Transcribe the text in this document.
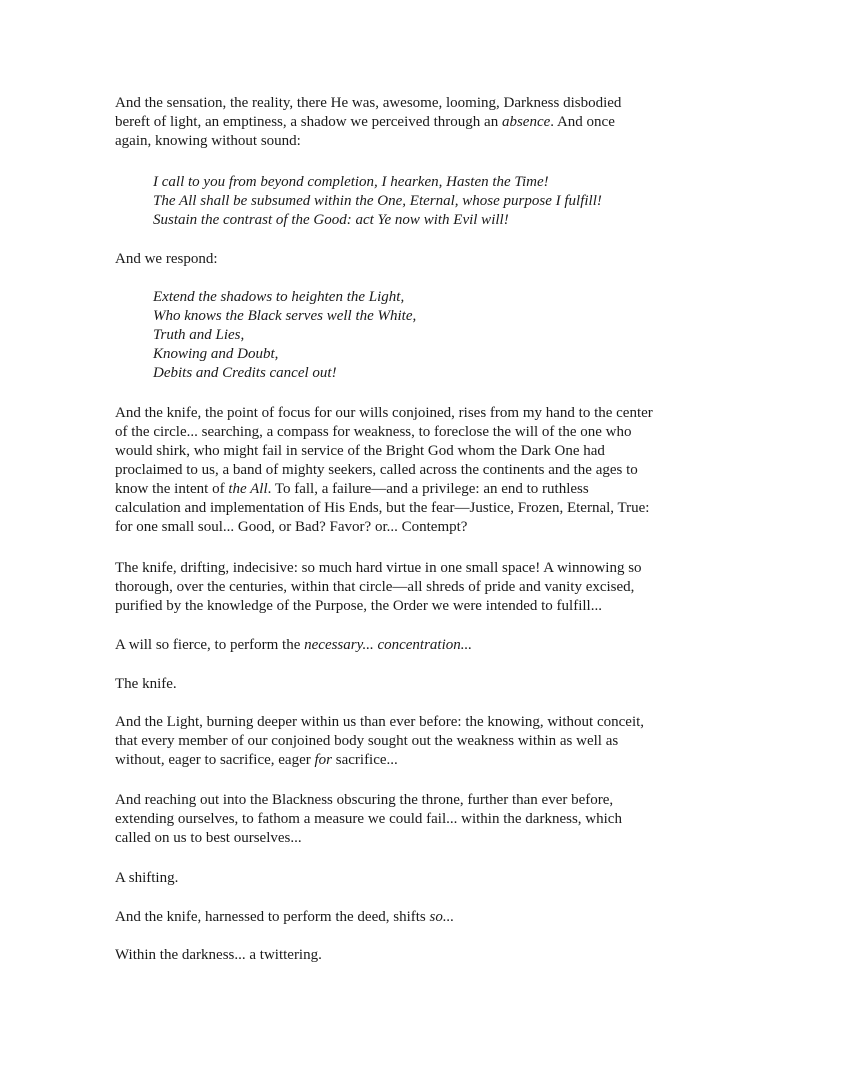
And the sensation, the reality, there He was, awesome, looming, Darkness disbodied
bereft of light, an emptiness, a shadow we perceived through an absence. And once
again, knowing without sound:

I call to you from beyond completion, I hearken, Hasten the Time!
The All shall be subsumed within the One, Eternal, whose purpose I fulfill!
Sustain the contrast of the Good: act Ye now with Evil will!

And we respond:

Extend the shadows to heighten the Light,
Who knows the Black serves well the White,
Truth and Lies,
Knowing and Doubt,
Debits and Credits cancel out!

And the knife, the point of focus for our wills conjoined, rises from my hand to the center
of the circle... searching, a compass for weakness, to foreclose the will of the one who
would shirk, who might fail in service of the Bright God whom the Dark One had
proclaimed to us, a band of mighty seekers, called across the continents and the ages to
know the intent of the All. To fall, a failure—and a privilege: an end to ruthless
calculation and implementation of His Ends, but the fear—Justice, Frozen, Eternal, True:
for one small soul... Good, or Bad? Favor? or... Contempt?

The knife, drifting, indecisive: so much hard virtue in one small space! A winnowing so
thorough, over the centuries, within that circle—all shreds of pride and vanity excised,
purified by the knowledge of the Purpose, the Order we were intended to fulfill...

A will so fierce, to perform the necessary... concentration...

The knife.

And the Light, burning deeper within us than ever before: the knowing, without conceit,
that every member of our conjoined body sought out the weakness within as well as
without, eager to sacrifice, eager for sacrifice...

And reaching out into the Blackness obscuring the throne, further than ever before,
extending ourselves, to fathom a measure we could fail... within the darkness, which
called on us to best ourselves...

A shifting.

And the knife, harnessed to perform the deed, shifts so...

Within the darkness... a twittering.
